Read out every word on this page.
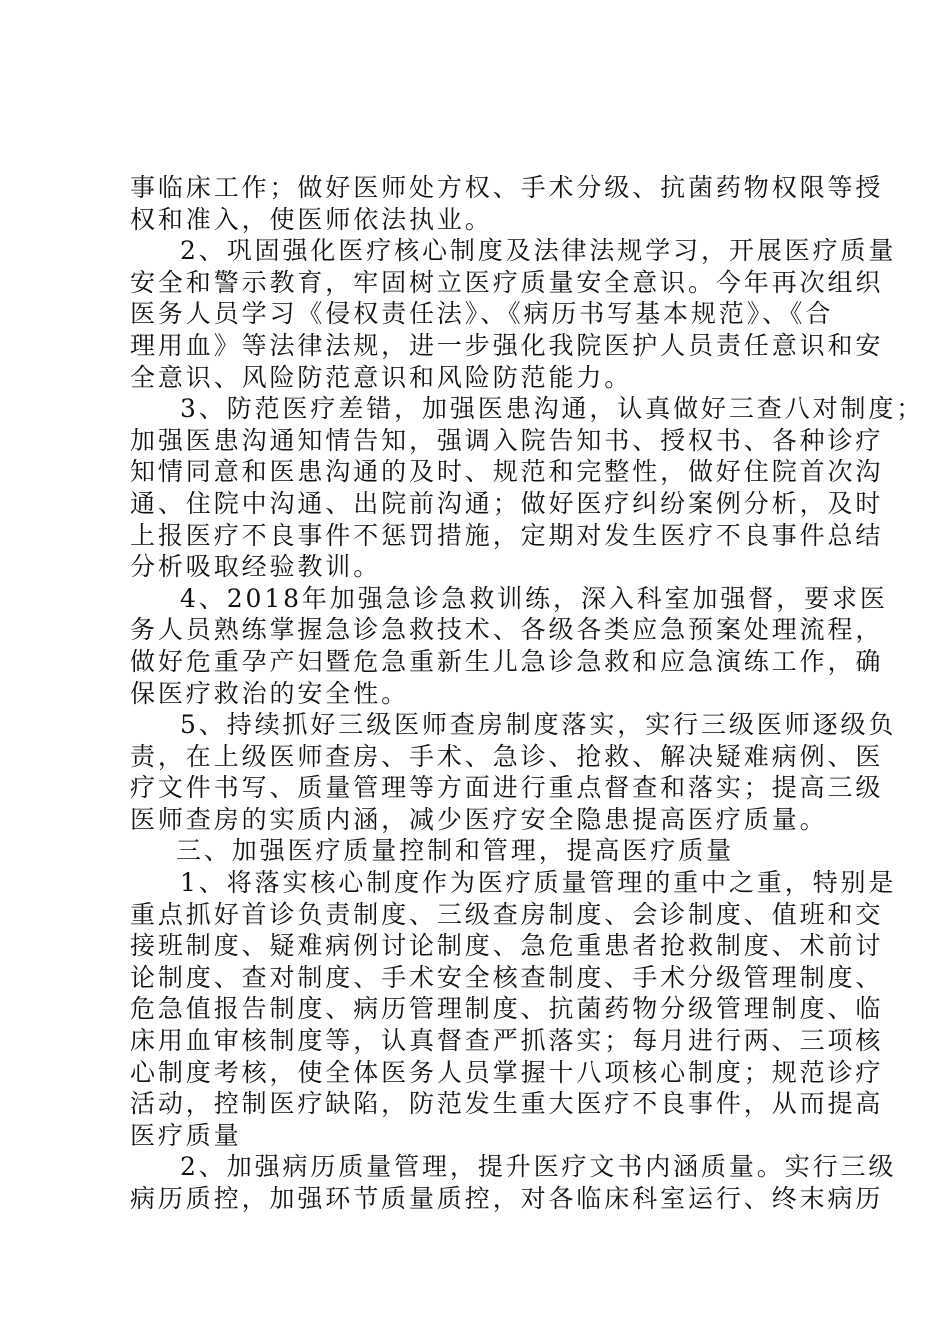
事临床工作；做好医师处方权、手术分级、抗菌药物权限等授
权和准入，使医师依法执业。
2、巩固强化医疗核心制度及法律法规学习，开展医疗质量
安全和警示教育，牢固树立医疗质量安全意识。今年再次组织
医务人员学习《侵权责任法》、《病历书写基本规范》、《合
理用血》等法律法规，进一步强化我院医护人员责任意识和安
全意识、风险防范意识和风险防范能力。
3、防范医疗差错，加强医患沟通，认真做好三查八对制度；
加强医患沟通知情告知，强调入院告知书、授权书、各种诊疗
知情同意和医患沟通的及时、规范和完整性，做好住院首次沟
通、住院中沟通、出院前沟通；做好医疗纠纷案例分析，及时
上报医疗不良事件不惩罚措施，定期对发生医疗不良事件总结
分析吸取经验教训。
4、2018年加强急诊急救训练，深入科室加强督，要求医
务人员熟练掌握急诊急救技术、各级各类应急预案处理流程，
做好危重孕产妇暨危急重新生儿急诊急救和应急演练工作，确
保医疗救治的安全性。
5、持续抓好三级医师查房制度落实，实行三级医师逐级负
责，在上级医师查房、手术、急诊、抢救、解决疑难病例、医
疗文件书写、质量管理等方面进行重点督查和落实；提高三级
医师查房的实质内涵，减少医疗安全隐患提高医疗质量。
三、加强医疗质量控制和管理，提高医疗质量
1、将落实核心制度作为医疗质量管理的重中之重，特别是
重点抓好首诊负责制度、三级查房制度、会诊制度、值班和交
接班制度、疑难病例讨论制度、急危重患者抢救制度、术前讨
论制度、查对制度、手术安全核查制度、手术分级管理制度、
危急值报告制度、病历管理制度、抗菌药物分级管理制度、临
床用血审核制度等，认真督查严抓落实；每月进行两、三项核
心制度考核，使全体医务人员掌握十八项核心制度；规范诊疗
活动，控制医疗缺陷，防范发生重大医疗不良事件，从而提高
医疗质量
2、加强病历质量管理，提升医疗文书内涵质量。实行三级
病历质控，加强环节质量质控，对各临床科室运行、终末病历
